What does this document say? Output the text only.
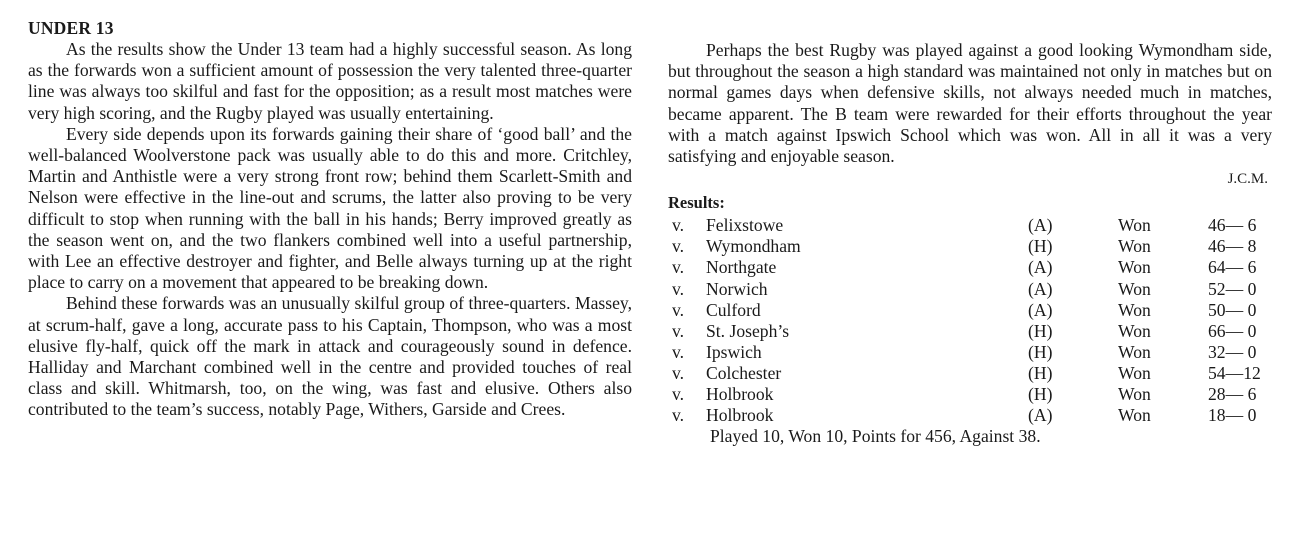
UNDER 13

As the results show the Under 13 team had a highly successful season. As long as the forwards won a sufficient amount of possession the very talented three-quarter line was always too skilful and fast for the opposition; as a result most matches were very high scoring, and the Rugby played was usually entertaining.

Every side depends upon its forwards gaining their share of ‘good ball’ and the well-balanced Woolverstone pack was usually able to do this and more. Critchley, Martin and Anthistle were a very strong front row; behind them Scarlett-Smith and Nelson were effective in the line-out and scrums, the latter also proving to be very difficult to stop when running with the ball in his hands; Berry improved greatly as the season went on, and the two flankers combined well into a useful partnership, with Lee an effective destroyer and fighter, and Belle always turning up at the right place to carry on a movement that appeared to be breaking down.

Behind these forwards was an unusually skilful group of three-quarters. Massey, at scrum-half, gave a long, accurate pass to his Captain, Thompson, who was a most elusive fly-half, quick off the mark in attack and courageously sound in defence. Halliday and Marchant combined well in the centre and provided touches of real class and skill. Whitmarsh, too, on the wing, was fast and elusive. Others also contributed to the team’s success, notably Page, Withers, Garside and Crees.

Perhaps the best Rugby was played against a good looking Wymondham side, but throughout the season a high standard was maintained not only in matches but on normal games days when defensive skills, not always needed much in matches, became apparent. The B team were rewarded for their efforts throughout the year with a match against Ipswich School which was won. All in all it was a very satisfying and enjoyable season.

J.C.M.
Results:
v. Felixstowe	(A)	Won	46— 6
v. Wymondham	(H)	Won	46— 8
v. Northgate	(A)	Won	64— 6
v. Norwich	(A)	Won	52— 0
v. Culford	(A)	Won	50— 0
v. St. Joseph’s	(H)	Won	66— 0
v. Ipswich	(H)	Won	32— 0
v. Colchester	(H)	Won	54—12
v. Holbrook	(H)	Won	28— 6
v. Holbrook	(A)	Won	18— 0

Played 10, Won 10, Points for 456, Against 38.
